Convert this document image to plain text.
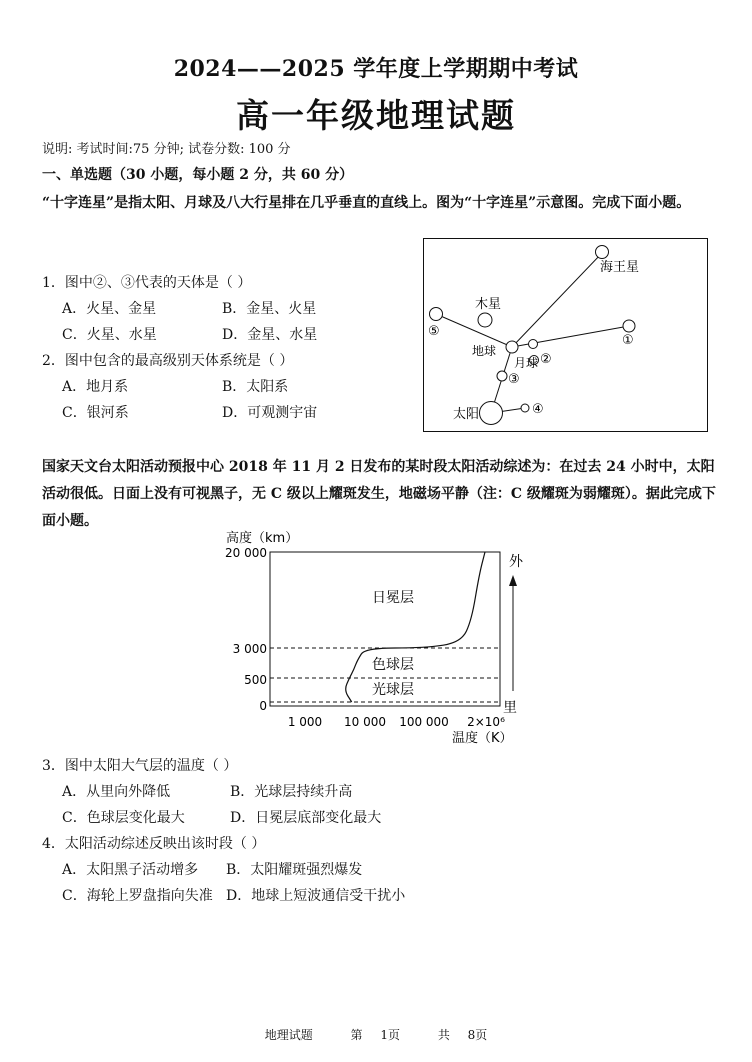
2024——2025 学年度上学期期中考试
高一年级地理试题
说明: 考试时间:75 分钟; 试卷分数: 100 分
一、单选题（30 小题，每小题 2 分，共 60 分）
“十字连星”是指太阳、月球及八大行星排在几乎垂直的直线上。图为“十字连星”示意图。完成下面小题。
海王星
木星
⑤
①
地球
月球 ②
③
太阳	④
1．图中②、③代表的天体是（ ）
A．火星、金星	B．金星、火星
C．火星、水星	D．金星、水星
2．图中包含的最高级别天体系统是（ ）
A．地月系	B．太阳系
C．银河系	D．可观测宇宙
国家天文台太阳活动预报中心 2018 年 11 月 2 日发布的某时段太阳活动综述为：在过去 24 小时中，太阳活动很低。日面上没有可视黑子，无 C 级以上耀斑发生，地磁场平静（注：C 级耀斑为弱耀斑）。据此完成下面小题。
高度（km）
20 000
3 000
500
0
1 000 10 000 100 000 2×10⁶
温度（K）
日冕层
色球层
光球层
外
里
3．图中太阳大气层的温度（ ）
A．从里向外降低	B．光球层持续升高
C．色球层变化最大	D．日冕层底部变化最大
4．太阳活动综述反映出该时段（ ）
A．太阳黑子活动增多 B．太阳耀斑强烈爆发
C．海轮上罗盘指向失准 D．地球上短波通信受干扰小
地理试题	第 1页	共 8页
